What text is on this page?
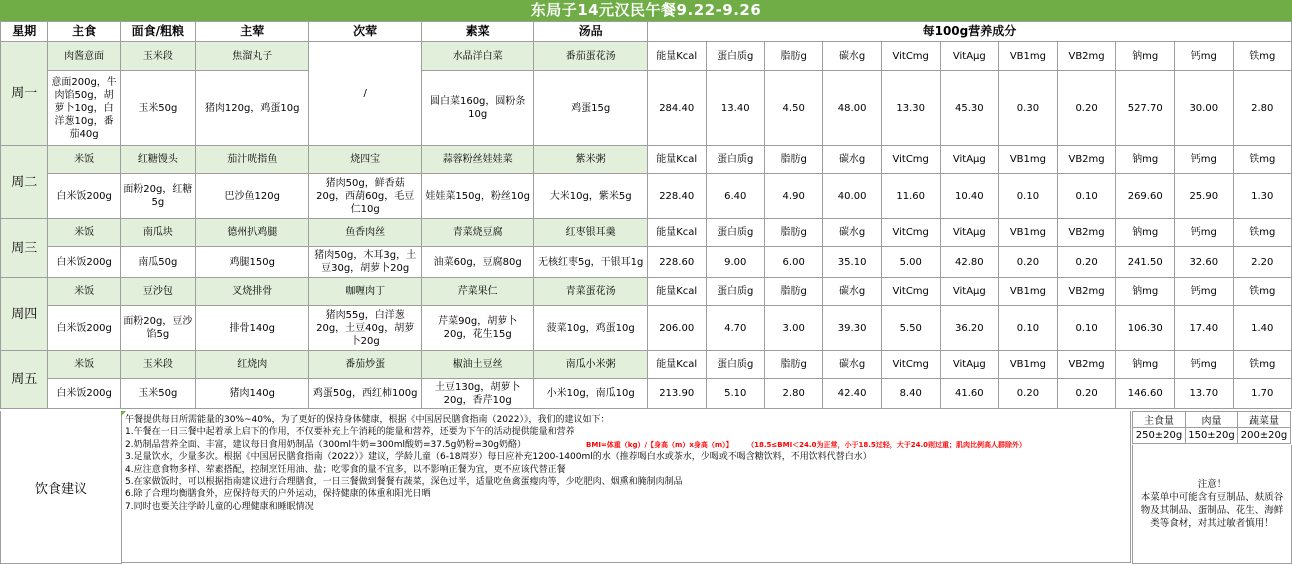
东局子14元汉民午餐9.22-9.26
星期	主食	面食/粗粮	主荤	次荤	素菜	汤品	每100g营养成分										
周一	肉酱意面	玉米段	焦溜丸子	/	水晶洋白菜	番茄蛋花汤	能量Kcal	蛋白质g	脂肪g	碳水g	VitCmg	VitAμg	VB1mg	VB2mg	钠mg	钙mg	铁mg
	意面200g，牛肉馅50g，胡萝卜10g，白洋葱10g，番茄40g	玉米50g	猪肉120g，鸡蛋10g		圆白菜160g，圆粉条10g	鸡蛋15g	284.40	13.40	4.50	48.00	13.30	45.30	0.30	0.20	527.70	30.00	2.80
周二	米饭	红糖馒头	茄汁咣指鱼	烧四宝	蒜蓉粉丝娃娃菜	紫米粥	能量Kcal	蛋白质g	脂肪g	碳水g	VitCmg	VitAμg	VB1mg	VB2mg	钠mg	钙mg	铁mg
	白米饭200g	面粉20g，红糖5g	巴沙鱼120g	猪肉50g，鲜香菇20g，西葫60g，毛豆仁10g	娃娃菜150g，粉丝10g	大米10g，紫米5g	228.40	6.40	4.90	40.00	11.60	10.40	0.10	0.10	269.60	25.90	1.30
周三	米饭	南瓜块	德州扒鸡腿	鱼香肉丝	青菜烧豆腐	红枣银耳羹	能量Kcal	蛋白质g	脂肪g	碳水g	VitCmg	VitAμg	VB1mg	VB2mg	钠mg	钙mg	铁mg
	白米饭200g	南瓜50g	鸡腿150g	猪肉50g，木耳3g，土豆30g，胡萝卜20g	油菜60g，豆腐80g	无核红枣5g，干银耳1g	228.60	9.00	6.00	35.10	5.00	42.80	0.20	0.20	241.50	32.60	2.20
周四	米饭	豆沙包	叉烧排骨	咖喱肉丁	芹菜果仁	青菜蛋花汤	能量Kcal	蛋白质g	脂肪g	碳水g	VitCmg	VitAμg	VB1mg	VB2mg	钠mg	钙mg	铁mg
	白米饭200g	面粉20g，豆沙馅5g	排骨140g	猪肉55g，白洋葱20g，土豆40g，胡萝卜20g	芹菜90g，胡萝卜20g，花生15g	菠菜10g，鸡蛋10g	206.00	4.70	3.00	39.30	5.50	36.20	0.10	0.10	106.30	17.40	1.40
周五	米饭	玉米段	红烧肉	番茄炒蛋	椒油土豆丝	南瓜小米粥	能量Kcal	蛋白质g	脂肪g	碳水g	VitCmg	VitAμg	VB1mg	VB2mg	钠mg	钙mg	铁mg
	白米饭200g	玉米50g	猪肉140g	鸡蛋50g，西红柿100g	土豆130g，胡萝卜20g，香芹10g	小米10g，南瓜10g	213.90	5.10	2.80	42.40	8.40	41.60	0.20	0.20	146.60	13.70	1.70
饮食建议
午餐提供每日所需能量的30%~40%，为了更好的保持身体健康，根据《中国居民膳食指南（2022）》，我们的建议如下：
1.午餐在一日三餐中起着承上启下的作用，不仅要补充上午消耗的能量和营养，还要为下午的活动提供能量和营养
2.奶制品营养全面、丰富，建议每日食用奶制品（300ml牛奶=300ml酸奶=37.5g奶粉=30g奶酪）	BMI=体重（kg）/【身高（m）x身高（m）】	（18.5≤BMI＜24.0为正常，小于18.5过轻，大于24.0则过重；肌肉比例高人群除外）
3.足量饮水，少量多次。根据《中国居民膳食指南（2022）》建议，学龄儿童（6-18周岁）每日应补充1200-1400ml的水（推荐喝白水或茶水，少喝或不喝含糖饮料，不用饮料代替白水）
4.应注意食物多样、荤素搭配，控制烹饪用油、盐；吃零食的量不宜多，以不影响正餐为宜，更不应该代替正餐
5.在家做饭时，可以根据指南建议进行合理膳食，一日三餐做到餐餐有蔬菜，深色过半，适量吃鱼禽蛋瘦肉等，少吃肥肉、烟熏和腌制肉制品
6.除了合理均衡膳食外，应保持每天的户外运动，保持健康的体重和阳光日晒
7.同时也要关注学龄儿童的心理健康和睡眠情况
主食量	肉量	蔬菜量
250±20g	150±20g	200±20g
注意！
本菜单中可能含有豆制品、麸质谷
物及其制品、蛋制品、花生、海鲜
类等食材，对其过敏者慎用！
